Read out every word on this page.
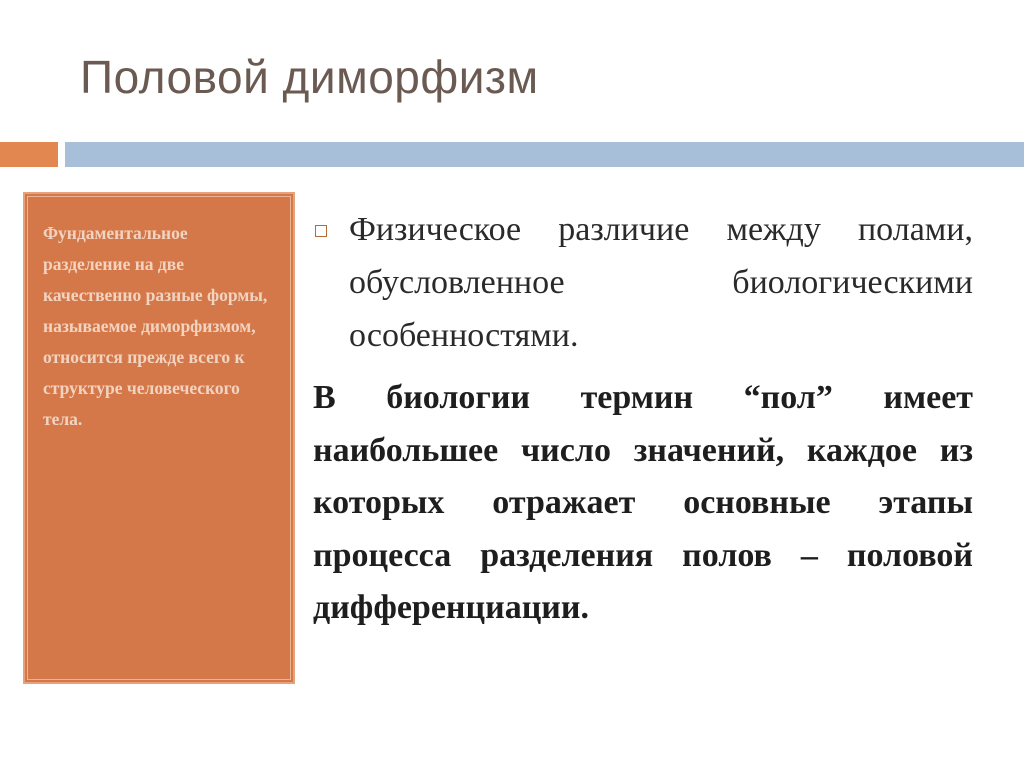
Половой диморфизм

Фундаментальное разделение на две качественно разные формы, называемое диморфизмом, относится прежде всего к структуре человеческого тела.

Физическое различие между полами, обусловленное биологическими особенностями.

В биологии термин “пол” имеет наибольшее число значений, каждое из которых отражает основные этапы процесса разделения полов – половой дифференциации.
